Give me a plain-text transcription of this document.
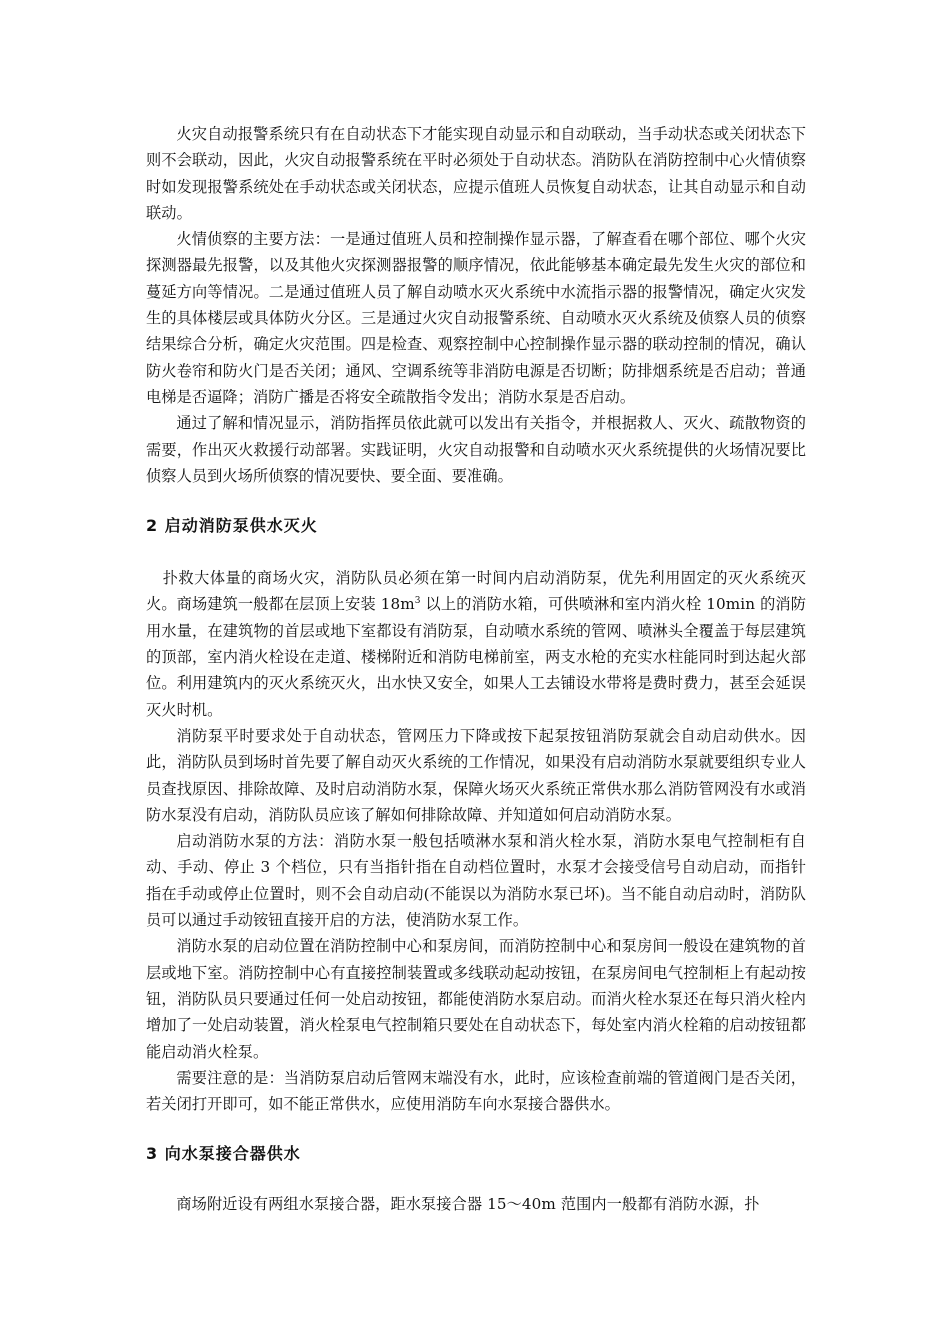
火灾自动报警系统只有在自动状态下才能实现自动显示和自动联动，当手动状态或关闭状态下则不会联动，因此，火灾自动报警系统在平时必须处于自动状态。消防队在消防控制中心火情侦察时如发现报警系统处在手动状态或关闭状态，应提示值班人员恢复自动状态，让其自动显示和自动联动。

火情侦察的主要方法：一是通过值班人员和控制操作显示器，了解查看在哪个部位、哪个火灾探测器最先报警，以及其他火灾探测器报警的顺序情况，依此能够基本确定最先发生火灾的部位和蔓延方向等情况。二是通过值班人员了解自动喷水灭火系统中水流指示器的报警情况，确定火灾发生的具体楼层或具体防火分区。三是通过火灾自动报警系统、自动喷水灭火系统及侦察人员的侦察结果综合分析，确定火灾范围。四是检查、观察控制中心控制操作显示器的联动控制的情况，确认防火卷帘和防火门是否关闭；通风、空调系统等非消防电源是否切断；防排烟系统是否启动；普通电梯是否逼降；消防广播是否将安全疏散指令发出；消防水泵是否启动。

通过了解和情况显示，消防指挥员依此就可以发出有关指令，并根据救人、灭火、疏散物资的需要，作出灭火救援行动部署。实践证明，火灾自动报警和自动喷水灭火系统提供的火场情况要比侦察人员到火场所侦察的情况要快、要全面、要准确。

2 启动消防泵供水灭火

扑救大体量的商场火灾，消防队员必须在第一时间内启动消防泵，优先利用固定的灭火系统灭火。商场建筑一般都在层顶上安装 $18m^3$ 以上的消防水箱，可供喷淋和室内消火栓 10min 的消防用水量，在建筑物的首层或地下室都设有消防泵，自动喷水系统的管网、喷淋头全覆盖于每层建筑的顶部，室内消火栓设在走道、楼梯附近和消防电梯前室，两支水枪的充实水柱能同时到达起火部位。利用建筑内的灭火系统灭火，出水快又安全，如果人工去铺设水带将是费时费力，甚至会延误灭火时机。

消防泵平时要求处于自动状态，管网压力下降或按下起泵按钮消防泵就会自动启动供水。因此，消防队员到场时首先要了解自动灭火系统的工作情况，如果没有启动消防水泵就要组织专业人员查找原因、排除故障、及时启动消防水泵，保障火场灭火系统正常供水那么消防管网没有水或消防水泵没有启动，消防队员应该了解如何排除故障、并知道如何启动消防水泵。

启动消防水泵的方法：消防水泵一般包括喷淋水泵和消火栓水泵，消防水泵电气控制柜有自动、手动、停止 3 个档位，只有当指针指在自动档位置时，水泵才会接受信号自动启动，而指针指在手动或停止位置时，则不会自动启动(不能误以为消防水泵已坏)。当不能自动启动时，消防队员可以通过手动铵钮直接开启的方法，使消防水泵工作。

消防水泵的启动位置在消防控制中心和泵房间，而消防控制中心和泵房间一般设在建筑物的首层或地下室。消防控制中心有直接控制装置或多线联动起动按钮，在泵房间电气控制柜上有起动按钮，消防队员只要通过任何一处启动按钮，都能使消防水泵启动。而消火栓水泵还在每只消火栓内增加了一处启动装置，消火栓泵电气控制箱只要处在自动状态下，每处室内消火栓箱的启动按钮都能启动消火栓泵。

需要注意的是：当消防泵启动后管网末端没有水，此时，应该检查前端的管道阀门是否关闭，若关闭打开即可，如不能正常供水，应使用消防车向水泵接合器供水。

3 向水泵接合器供水

商场附近设有两组水泵接合器，距水泵接合器 15～40m 范围内一般都有消防水源，扑
